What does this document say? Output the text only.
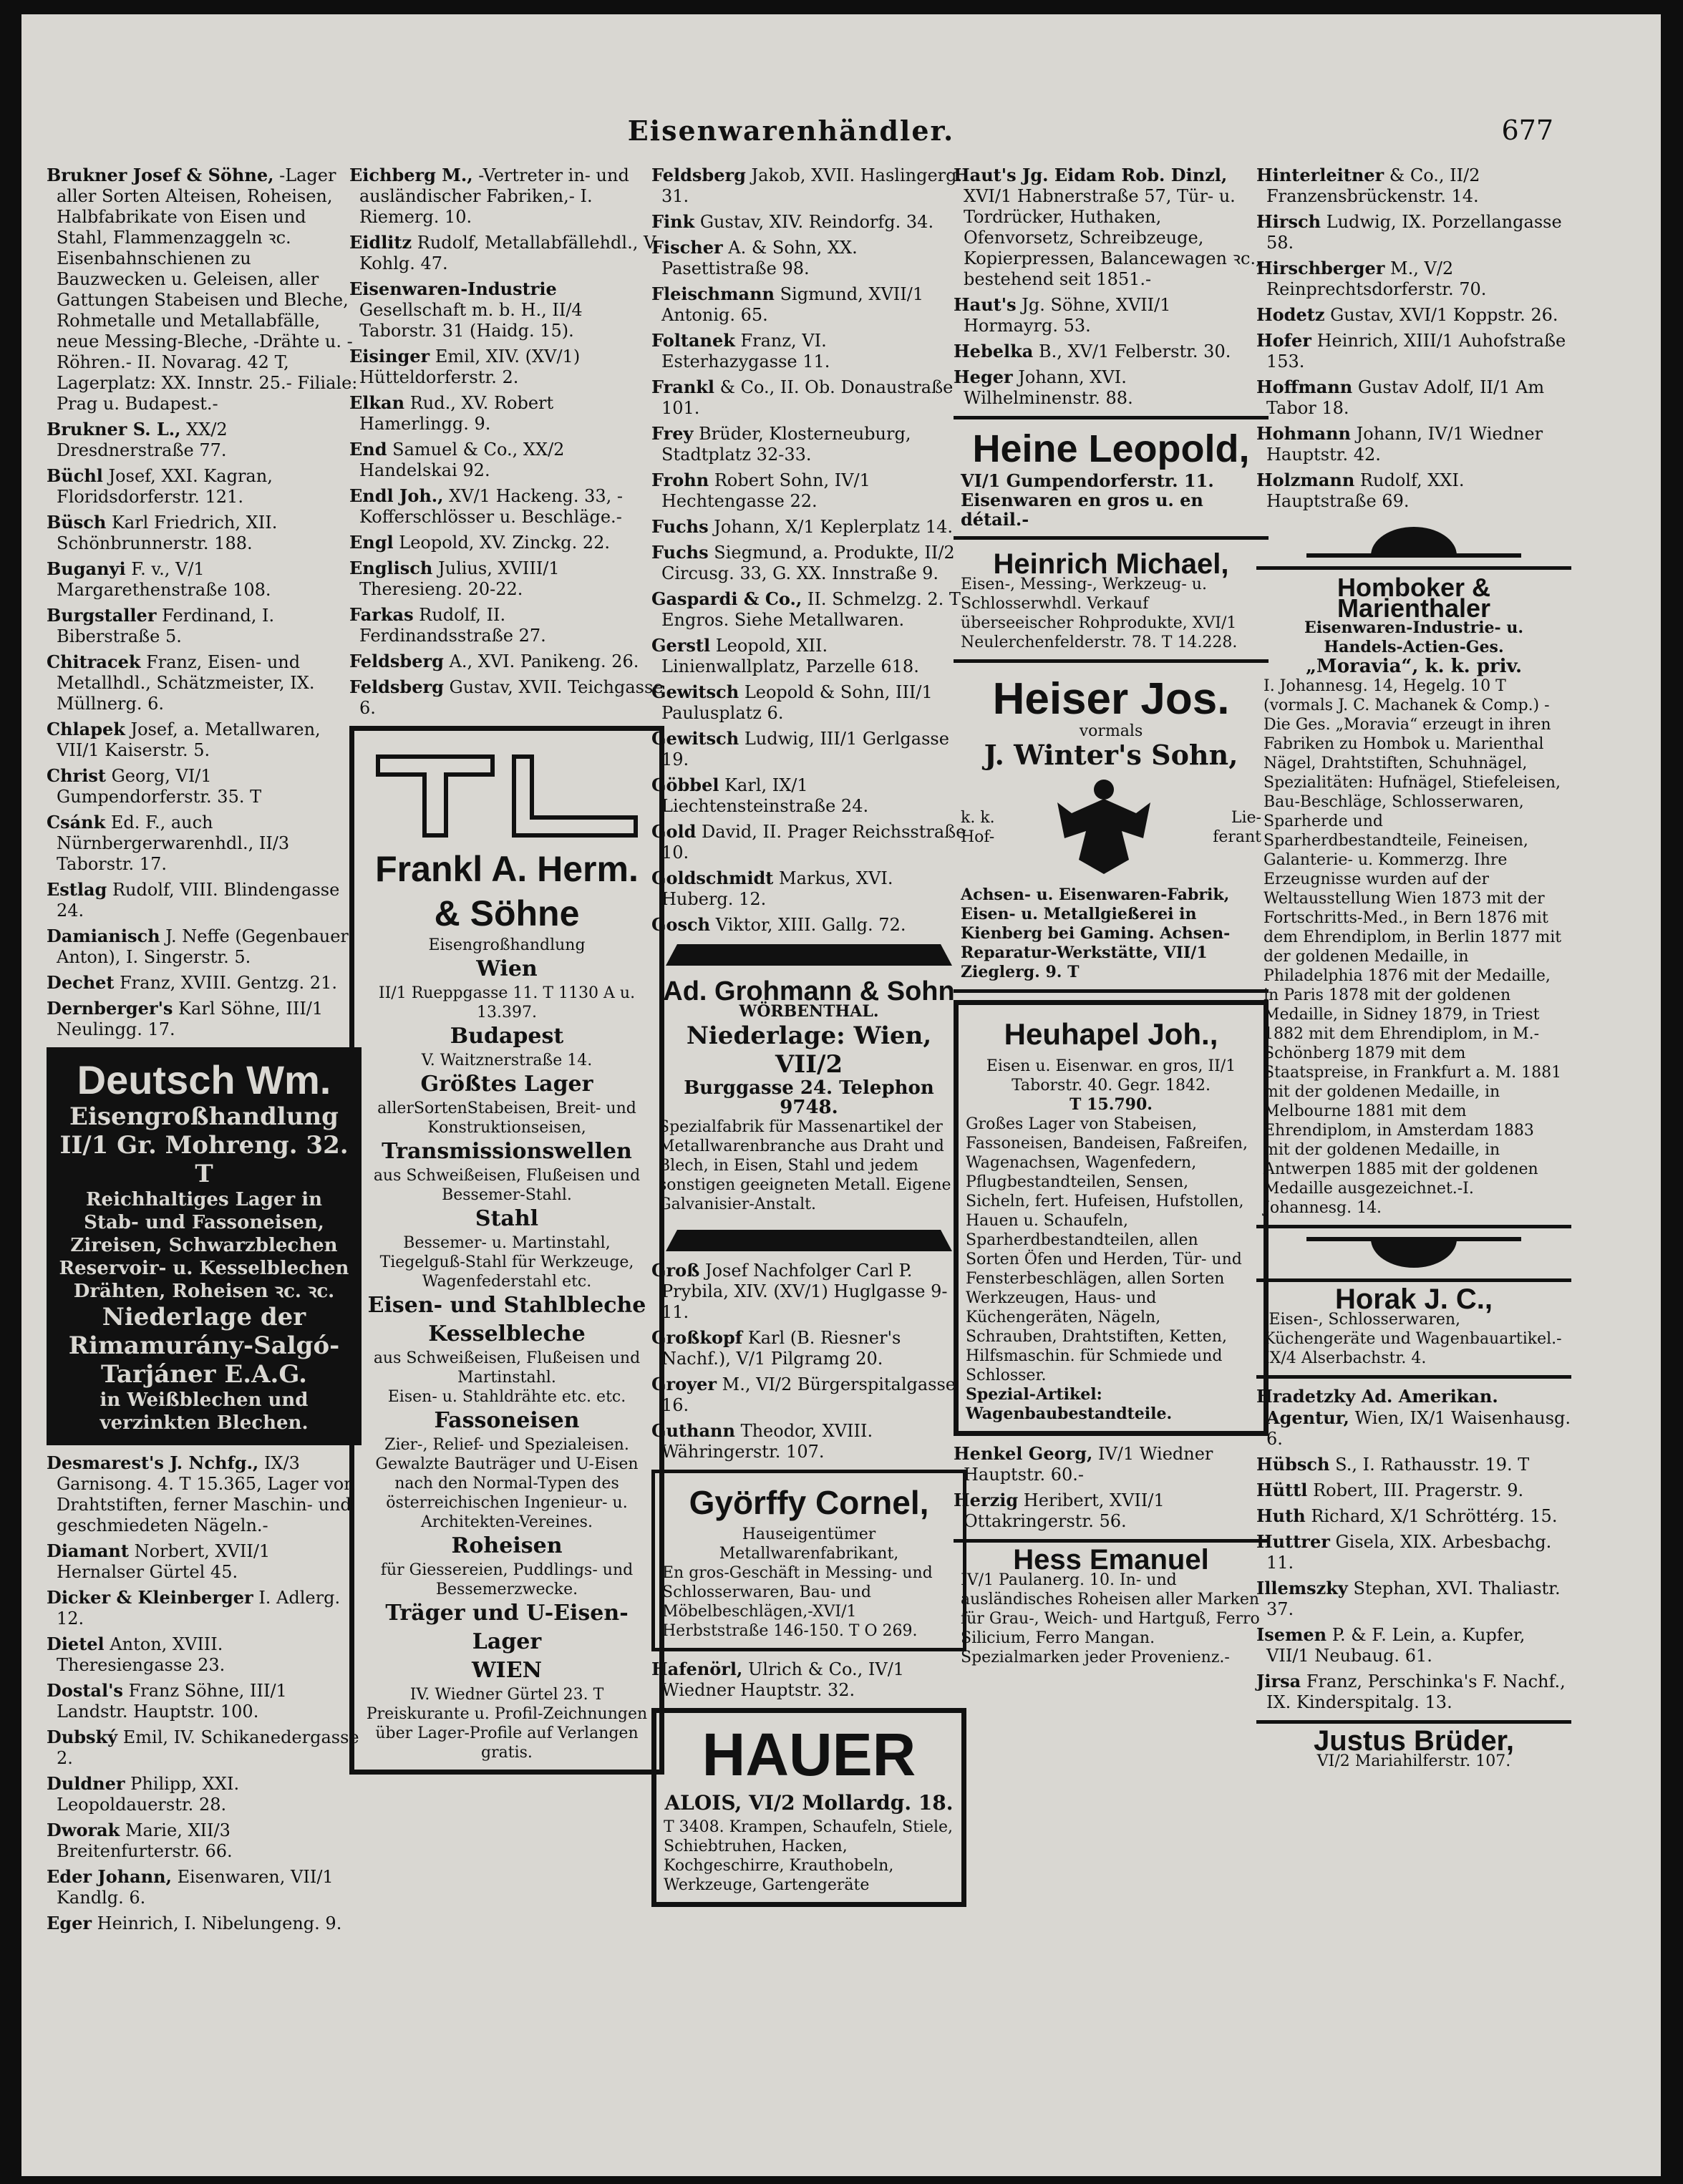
Eisenwarenhändler.	677
Brukner Josef & Söhne, -Lager aller Sorten Alteisen, Roheisen, Halbfabrikate von Eisen und Stahl, Flammenzaggeln ꝛc. Eisenbahnschienen zu Bauzwecken u. Geleisen, aller Gattungen Stabeisen und Bleche, Rohmetalle und Metallabfälle, neue Messing-Bleche, -Drähte u. -Röhren.- II. Novarag. 42 T, Lagerplatz: XX. Innstr. 25.- Filiale: Prag u. Budapest.-
Brukner S. L., XX/2 Dresdnerstraße 77.
Büchl Josef, XXI. Kagran, Floridsdorferstr. 121.
Büsch Karl Friedrich, XII. Schönbrunnerstr. 188.
Buganyi F. v., V/1 Margarethenstraße 108.
Burgstaller Ferdinand, I. Biberstraße 5.
Chitracek Franz, Eisen- und Metallhdl., Schätzmeister, IX. Müllnerg. 6.
Chlapek Josef, a. Metallwaren, VII/1 Kaiserstr. 5.
Christ Georg, VI/1 Gumpendorferstr. 35. T
Csánk Ed. F., auch Nürnbergerwarenhdl., II/3 Taborstr. 17.
Estlag Rudolf, VIII. Blindengasse 24.
Damianisch J. Neffe (Gegenbauer Anton), I. Singerstr. 5.
Dechet Franz, XVIII. Gentzg. 21.
Dernberger's Karl Söhne, III/1 Neulingg. 17.
Deutsch Wm.
Eisengroßhandlung
II/1 Gr. Mohreng. 32. T
Reichhaltiges Lager in Stab- und Fassoneisen, Zireisen, Schwarzblechen Reservoir- u. Kesselblechen Drähten, Roheisen ꝛc. ꝛc.
Niederlage der
Rimamurány-Salgó-Tarjáner E.A.G.
in Weißblechen und verzinkten Blechen.
Desmarest's J. Nchfg., IX/3 Garnisong. 4. T 15.365, Lager von Drahtstiften, ferner Maschin- und geschmiedeten Nägeln.-
Diamant Norbert, XVII/1 Hernalser Gürtel 45.
Dicker & Kleinberger I. Adlerg. 12.
Dietel Anton, XVIII. Theresiengasse 23.
Dostal's Franz Söhne, III/1 Landstr. Hauptstr. 100.
Dubský Emil, IV. Schikanedergasse 2.
Duldner Philipp, XXI. Leopoldauerstr. 28.
Dworak Marie, XII/3 Breitenfurterstr. 66.
Eder Johann, Eisenwaren, VII/1 Kandlg. 6.
Eger Heinrich, I. Nibelungeng. 9.
Eichberg M., -Vertreter in- und ausländischer Fabriken,- I. Riemerg. 10.
Eidlitz Rudolf, Metallabfällehdl., V. Kohlg. 47.
Eisenwaren-Industrie Gesellschaft m. b. H., II/4 Taborstr. 31 (Haidg. 15).
Eisinger Emil, XIV. (XV/1) Hütteldorferstr. 2.
Elkan Rud., XV. Robert Hamerlingg. 9.
End Samuel & Co., XX/2 Handelskai 92.
Endl Joh., XV/1 Hackeng. 33, -Kofferschlösser u. Beschläge.-
Engl Leopold, XV. Zinckg. 22.
Englisch Julius, XVIII/1 Theresieng. 20-22.
Farkas Rudolf, II. Ferdinandsstraße 27.
Feldsberg A., XVI. Panikeng. 26.
Feldsberg Gustav, XVII. Teichgasse 6.
Frankl A. Herm. & Söhne
Eisengroßhandlung
Wien
II/1 Rueppgasse 11. T 1130 A u. 13.397.
Budapest
V. Waitznerstraße 14.
Größtes Lager
allerSortenStabeisen, Breit- und Konstruktionseisen,
Transmissionswellen
aus Schweißeisen, Flußeisen und Bessemer-Stahl.
Stahl
Bessemer- u. Martinstahl, Tiegelguß-Stahl für Werkzeuge, Wagenfederstahl etc.
Eisen- und Stahlbleche
Kesselbleche
aus Schweißeisen, Flußeisen und Martinstahl.
Eisen- u. Stahldrähte etc. etc.
Fassoneisen
Zier-, Relief- und Spezialeisen.
Gewalzte Bauträger und U-Eisen
nach den Normal-Typen des österreichischen Ingenieur- u. Architekten-Vereines.
Roheisen
für Giessereien, Puddlings- und Bessemerzwecke.
Träger und U-Eisen-Lager
WIEN
IV. Wiedner Gürtel 23. T
Preiskurante u. Profil-Zeichnungen über Lager-Profile auf Verlangen gratis.
Feldsberg Jakob, XVII. Haslingerg. 31.
Fink Gustav, XIV. Reindorfg. 34.
Fischer A. & Sohn, XX. Pasettistraße 98.
Fleischmann Sigmund, XVII/1 Antonig. 65.
Foltanek Franz, VI. Esterhazygasse 11.
Frankl & Co., II. Ob. Donaustraße 101.
Frey Brüder, Klosterneuburg, Stadtplatz 32-33.
Frohn Robert Sohn, IV/1 Hechtengasse 22.
Fuchs Johann, X/1 Keplerplatz 14.
Fuchs Siegmund, a. Produkte, II/2 Circusg. 33, G. XX. Innstraße 9.
Gaspardi & Co., II. Schmelzg. 2. T Engros. Siehe Metallwaren.
Gerstl Leopold, XII. Linienwallplatz, Parzelle 618.
Gewitsch Leopold & Sohn, III/1 Paulusplatz 6.
Gewitsch Ludwig, III/1 Gerlgasse 19.
Göbbel Karl, IX/1 Liechtensteinstraße 24.
Gold David, II. Prager Reichsstraße 10.
Goldschmidt Markus, XVI. Huberg. 12.
Gosch Viktor, XIII. Gallg. 72.
Ad. Grohmann & Sohn
WÖRBENTHAL.
Niederlage: Wien, VII/2
Burggasse 24. Telephon 9748.
Spezialfabrik für Massenartikel der Metallwarenbranche aus Draht und Blech, in Eisen, Stahl und jedem sonstigen geeigneten Metall. Eigene Galvanisier-Anstalt.
Groß Josef Nachfolger Carl P. Prybila, XIV. (XV/1) Huglgasse 9-11.
Großkopf Karl (B. Riesner's Nachf.), V/1 Pilgramg 20.
Groyer M., VI/2 Bürgerspitalgasse 16.
Guthann Theodor, XVIII. Währingerstr. 107.
Györffy Cornel,
Hauseigentümer Metallwarenfabrikant,
En gros-Geschäft in Messing- und Schlosserwaren, Bau- und Möbelbeschlägen,-XVI/1 Herbststraße 146-150. T O 269.
Hafenörl, Ulrich & Co., IV/1 Wiedner Hauptstr. 32.
HAUER
ALOIS, VI/2 Mollardg. 18.
T 3408. Krampen, Schaufeln, Stiele, Schiebtruhen, Hacken, Kochgeschirre, Krauthobeln, Werkzeuge, Gartengeräte
Haut's Jg. Eidam Rob. Dinzl, XVI/1 Habnerstraße 57, Tür- u. Tordrücker, Huthaken, Ofenvorsetz, Schreibzeuge, Kopierpressen, Balancewagen ꝛc., bestehend seit 1851.-
Haut's Jg. Söhne, XVII/1 Hormayrg. 53.
Hebelka B., XV/1 Felberstr. 30.
Heger Johann, XVI. Wilhelminenstr. 88.
Heine Leopold,
VI/1 Gumpendorferstr. 11.
Eisenwaren en gros u. en détail.-
Heinrich Michael,
Eisen-, Messing-, Werkzeug- u. Schlosserwhdl. Verkauf überseeischer Rohprodukte, XVI/1 Neulerchenfelderstr. 78. T 14.228.
Heiser Jos.
vormals
J. Winter's Sohn,
k. k.
Hof-
Lie-
ferant
Achsen- u. Eisenwaren-Fabrik, Eisen- u. Metallgießerei in Kienberg bei Gaming. Achsen-Reparatur-Werkstätte, VII/1 Zieglerg. 9. T
Heuhapel Joh.,
Eisen u. Eisenwar. en gros, II/1 Taborstr. 40. Gegr. 1842.
T 15.790.
Großes Lager von Stabeisen, Fassoneisen, Bandeisen, Faßreifen, Wagenachsen, Wagenfedern, Pflugbestandteilen, Sensen, Sicheln, fert. Hufeisen, Hufstollen, Hauen u. Schaufeln, Sparherdbestandteilen, allen Sorten Öfen und Herden, Tür- und Fensterbeschlägen, allen Sorten Werkzeugen, Haus- und Küchengeräten, Nägeln, Schrauben, Drahtstiften, Ketten, Hilfsmaschin. für Schmiede und Schlosser.
Spezial-Artikel: Wagenbaubestandteile.
Henkel Georg, IV/1 Wiedner Hauptstr. 60.-
Herzig Heribert, XVII/1 Ottakringerstr. 56.
Hess Emanuel
IV/1 Paulanerg. 10. In- und ausländisches Roheisen aller Marken für Grau-, Weich- und Hartguß, Ferro Silicium, Ferro Mangan. Spezialmarken jeder Provenienz.-
Hinterleitner & Co., II/2 Franzensbrückenstr. 14.
Hirsch Ludwig, IX. Porzellangasse 58.
Hirschberger M., V/2 Reinprechtsdorferstr. 70.
Hodetz Gustav, XVI/1 Koppstr. 26.
Hofer Heinrich, XIII/1 Auhofstraße 153.
Hoffmann Gustav Adolf, II/1 Am Tabor 18.
Hohmann Johann, IV/1 Wiedner Hauptstr. 42.
Holzmann Rudolf, XXI. Hauptstraße 69.
Homboker & Marienthaler
Eisenwaren-Industrie- u. Handels-Actien-Ges.
„Moravia“, k. k. priv.
I. Johannesg. 14, Hegelg. 10 T
(vormals J. C. Machanek & Comp.) - Die Ges. „Moravia“ erzeugt in ihren Fabriken zu Hombok u. Marienthal Nägel, Drahtstiften, Schuhnägel, Spezialitäten: Hufnägel, Stiefeleisen, Bau-Beschläge, Schlosserwaren, Sparherde und Sparherdbestandteile, Feineisen, Galanterie- u. Kommerzg. Ihre Erzeugnisse wurden auf der Weltausstellung Wien 1873 mit der Fortschritts-Med., in Bern 1876 mit dem Ehrendiplom, in Berlin 1877 mit der goldenen Medaille, in Philadelphia 1876 mit der Medaille, in Paris 1878 mit der goldenen Medaille, in Sidney 1879, in Triest 1882 mit dem Ehrendiplom, in M.-Schönberg 1879 mit dem Staatspreise, in Frankfurt a. M. 1881 mit der goldenen Medaille, in Melbourne 1881 mit dem Ehrendiplom, in Amsterdam 1883 mit der goldenen Medaille, in Antwerpen 1885 mit der goldenen Medaille ausgezeichnet.-I. Johannesg. 14.
Horak J. C.,
-Eisen-, Schlosserwaren, Küchengeräte und Wagenbauartikel.- IX/4 Alserbachstr. 4.
Hradetzky Ad. Amerikan. Agentur, Wien, IX/1 Waisenhausg. 6.
Hübsch S., I. Rathausstr. 19. T
Hüttl Robert, III. Pragerstr. 9.
Huth Richard, X/1 Schröttérg. 15.
Huttrer Gisela, XIX. Arbesbachg. 11.
Illemszky Stephan, XVI. Thaliastr. 37.
Isemen P. & F. Lein, a. Kupfer, VII/1 Neubaug. 61.
Jirsa Franz, Perschinka's F. Nachf., IX. Kinderspitalg. 13.
Justus Brüder,
VI/2 Mariahilferstr. 107.
